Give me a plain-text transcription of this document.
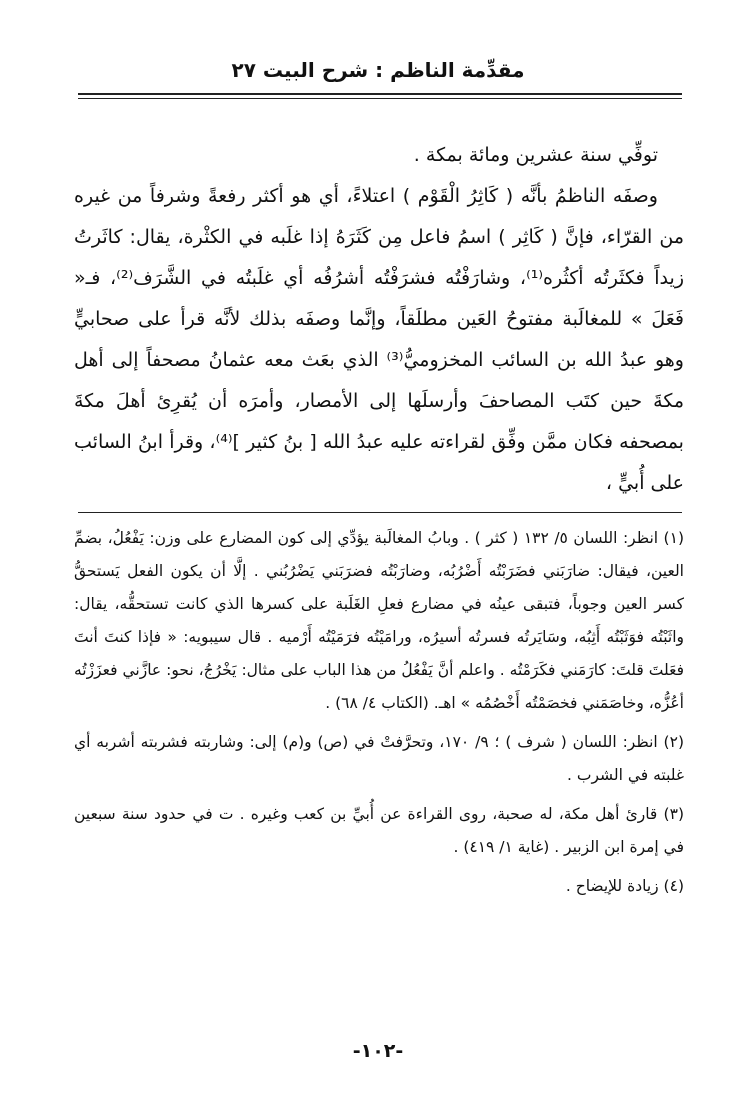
مقدِّمة الناظم : شرح البيت ٢٧

توفِّي سنة عشرين ومائة بمكة .

وصفَه الناظمُ بأنَّه ( كَاثِرُ الْقَوْم ) اعتلاءً، أي هو أكثر رفعةً وشرفاً من غيره من القرّاء، فإنَّ ( كَاثِر ) اسمُ فاعل مِن كَثَرَهُ إذا غلَبه في الكثْرة، يقال: كاثَرتُ زيداً فكثَرتُه أكثُره⁽¹⁾، وشارَفْتُه فشرَفْتُه أشرُفُه أي غلَبتُه في الشَّرَف⁽²⁾، فـ« فَعَلَ » للمغالَبة مفتوحُ العَين مطلَقاً، وإنَّما وصفَه بذلك لأنَّه قرأ على صحابيٍّ وهو عبدُ الله بن السائب المخزوميُّ⁽³⁾ الذي بعَث معه عثمانُ مصحفاً إلى أهل مكةَ حين كتَب المصاحفَ وأرسلَها إلى الأمصار، وأمرَه أن يُقرِئ أهلَ مكةَ بمصحفه فكان ممَّن وفِّق لقراءته عليه عبدُ الله [ بنُ كثير ]⁽⁴⁾، وقرأ ابنُ السائب على أُبيٍّ ،

(١) انظر: اللسان ٥/ ١٣٢ ( كثر ) . وبابُ المغالَبة يؤدِّي إلى كون المضارع على وزن: يَفْعُلُ، بضمِّ العين، فيقال: ضارَبَني فضَرَبْتُه أَضْرُبُه، وضارَبْتُه فضرَبَني يَضْرُبُني . إلَّا أن يكون الفعل يَستحقُّ كسر العين وجوباً، فتبقى عينُه في مضارع فعلِ الغَلَبة على كسرها الذي كانت تستحقُّه، يقال: واثَبْتُه فوَثَبْتُه أَثِبُه، وسَايَرتُه فسرتُه أسيرُه، ورامَيْتُه فرَمَيْتُه أَرْميه . قال سيبويه: « فإذا كنتَ أنتَ فعَلتَ قلتَ: كارَمَني فكَرَمْتُه . واعلم أنَّ يَفْعُلُ من هذا الباب على مثال: يَخْرُجُ، نحو: عازَّني فعزَزْتُه أعُزُّه، وخاصَمَني فخصَمْتُه أَخْصُمُه » اهـ. (الكتاب ٤/ ٦٨) .

(٢) انظر: اللسان ( شرف ) ؛ ٩/ ١٧٠، وتحرَّفتْ في (ص) و(م) إلى: وشاربته فشربته أشربه أي غلبته في الشرب .

(٣) قارئ أهل مكة، له صحبة، روى القراءة عن أُبيِّ بن كعب وغيره . ت في حدود سنة سبعين في إمرة ابن الزبير . (غاية ١/ ٤١٩) .

(٤) زيادة للإيضاح .

-١٠٢-
